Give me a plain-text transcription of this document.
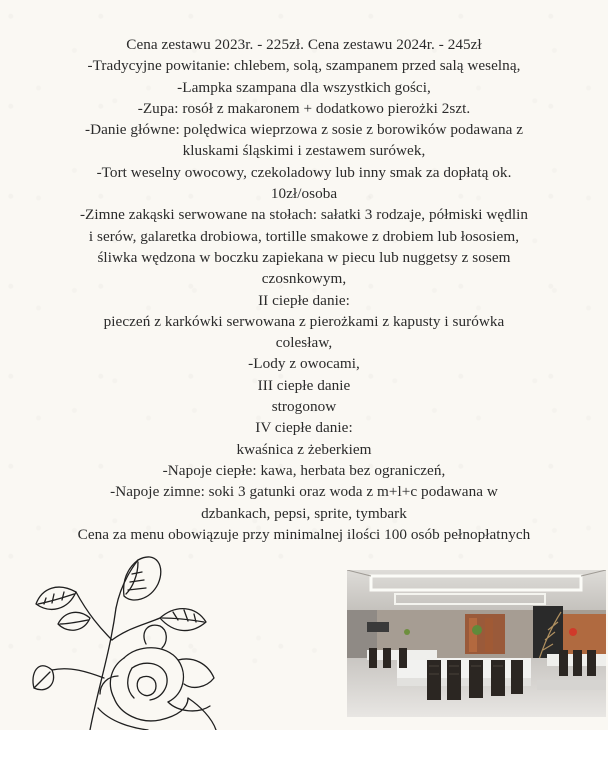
Cena zestawu 2023r. - 225zł. Cena zestawu 2024r. - 245zł
-Tradycyjne powitanie: chlebem, solą, szampanem przed salą weselną,
-Lampka szampana dla wszystkich gości,
-Zupa: rosół z makaronem + dodatkowo pierożki 2szt.
-Danie główne: polędwica wieprzowa z sosie z borowików podawana z
kluskami śląskimi i zestawem surówek,
-Tort weselny owocowy, czekoladowy lub inny smak za dopłatą ok.
10zł/osoba
-Zimne zakąski serwowane na stołach: sałatki 3 rodzaje, półmiski wędlin
i serów, galaretka drobiowa, tortille smakowe z drobiem lub łososiem,
śliwka wędzona w boczku zapiekana w piecu lub nuggetsy z sosem
czosnkowym,
II ciepłe danie:
pieczeń z karkówki serwowana z pierożkami z kapusty i surówka
colesław,
-Lody z owocami,
III ciepłe danie
strogonow
IV ciepłe danie:
kwaśnica z żeberkiem
-Napoje ciepłe: kawa, herbata bez ograniczeń,
-Napoje zimne: soki 3 gatunki oraz woda z m+l+c podawana w
dzbankach, pepsi, sprite, tymbark
Cena za menu obowiązuje przy minimalnej ilości 100 osób pełnopłatnych
